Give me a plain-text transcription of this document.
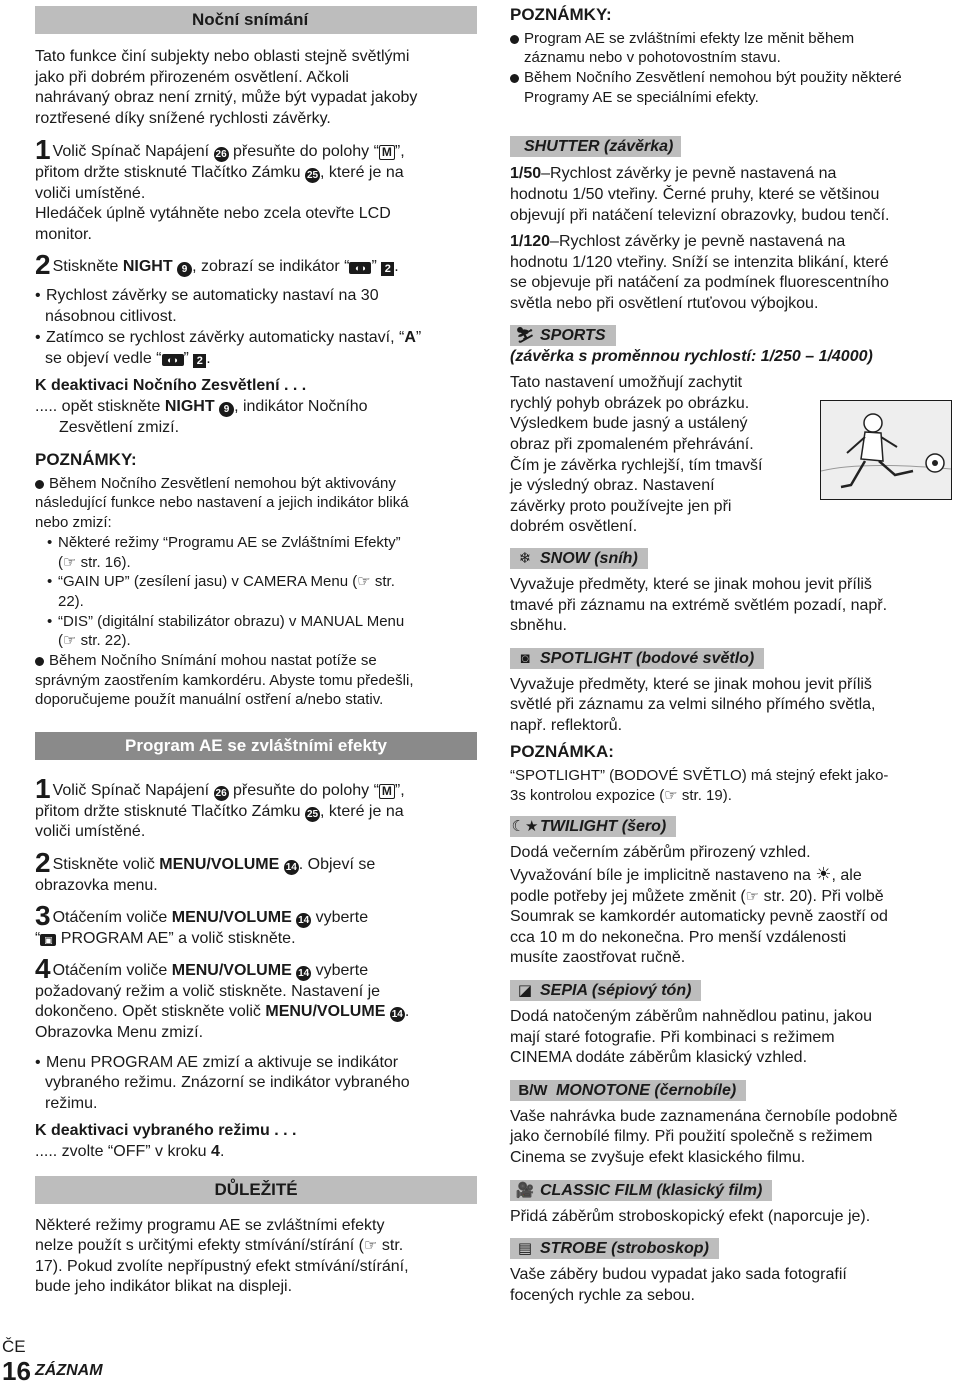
Noční snímání

Tato funkce činí subjekty nebo oblasti stejně světlými

jako při dobrém přirozeném osvětlení. Ačkoli

nahrávaný obraz není zrnitý, může být vypadat jakoby

roztřesené díky snížené rychlosti závěrky.

1 Volič Spínač Napájení 26 přesuňte do polohy “ M ”,

přitom držte stisknuté Tlačítko Zámku 25 , které je na

voliči umístěné.

Hledáček úplně vytáhněte nebo zcela otevřte LCD

monitor.

2 Stiskněte NIGHT 9 , zobrazí se indikátor “ ◐◑ ” 2 .

• Rychlost závěrky se automaticky nastaví na 30

násobnou citlivost.

• Zatímco se rychlost závěrky automaticky nastaví, “A”

se objeví vedle “ ◐◑ ” 2 .

K deaktivaci Nočního Zesvětlení . . .

..... opět stiskněte NIGHT 9 , indikátor Nočního

Zesvětlení zmizí.

POZNÁMKY:

Během Nočního Zesvětlení nemohou být aktivovány

následující funkce nebo nastavení a jejich indikátor bliká

nebo zmizí:

• Některé režimy “Programu AE se Zvláštními Efekty”

(☞ str. 16).

• “GAIN UP” (zesílení jasu) v CAMERA Menu (☞ str.

22).

• “DIS” (digitální stabilizátor obrazu) v MANUAL Menu

(☞ str. 22).

Během Nočního Snímání mohou nastat potíže se

správným zaostřením kamkordéru. Abyste tomu předešli,

doporučujeme použít manuální ostření a/nebo stativ.

Program AE se zvláštními efekty

1 Volič Spínač Napájení 26 přesuňte do polohy “ M ”,

přitom držte stisknuté Tlačítko Zámku 25 , které je na

voliči umístěné.

2 Stiskněte volič MENU/VOLUME 14 . Objeví se

obrazovka menu.

3 Otáčením voliče MENU/VOLUME 14 vyberte

“ ▣ PROGRAM AE” a volič stiskněte.

4 Otáčením voliče MENU/VOLUME 14 vyberte

požadovaný režim a volič stiskněte. Nastavení je

dokončeno. Opět stiskněte volič MENU/VOLUME 14 .

Obrazovka Menu zmizí.

• Menu PROGRAM AE zmizí a aktivuje se indikátor

vybraného režimu. Znázorní se indikátor vybraného

režimu.

K deaktivaci vybraného režimu . . .

..... zvolte “OFF” v kroku 4.

DŮLEŽITÉ

Některé režimy programu AE se zvláštními efekty

nelze použít s určitými efekty stmívání/stírání (☞ str.

17). Pokud zvolíte nepřípustný efekt stmívání/stírání,

bude jeho indikátor blikat na displeji.

POZNÁMKY:

Program AE se zvláštními efekty lze měnit během

záznamu nebo v pohotovostním stavu.

Během Nočního Zesvětlení nemohou být použity některé

Programy AE se speciálními efekty.

SHUTTER (závěrka)

1/50–Rychlost závěrky je pevně nastavená na

hodnotu 1/50 vteřiny. Černé pruhy, které se většinou

objevují při natáčení televizní obrazovky, budou tenčí.

1/120–Rychlost závěrky je pevně nastavená na

hodnotu 1/120 vteřiny. Sníží se intenzita blikání, které

se objevuje při natáčení za podmínek fluorescentního

světla nebo při osvětlení rtuťovou výbojkou.

⛷ SPORTS

(závěrka s proměnnou rychlostí: 1/250 – 1/4000)

Tato nastavení umožňují zachytit

rychlý pohyb obrázek po obrázku.

Výsledkem bude jasný a ustálený

obraz při zpomaleném přehrávání.

Čím je závěrka rychlejší, tím tmavší

je výsledný obraz. Nastavení

závěrky proto používejte jen při

dobrém osvětlení.

❄ SNOW (sníh)

Vyvažuje předměty, které se jinak mohou jevit příliš

tmavé při záznamu na extrémě světlém pozadí, např.

sbněhu.

◙ SPOTLIGHT (bodové světlo)

Vyvažuje předměty, které se jinak mohou jevit příliš

světlé při záznamu za velmi silného přímého světla,

např. reflektorů.

POZNÁMKA:

“SPOTLIGHT” (BODOVÉ SVĚTLO) má stejný efekt jako-

3s kontrolou expozice (☞ str. 19).

☾★TWILIGHT (šero)

Dodá večerním záběrům přirozený vzhled.

Vyvažování bíle je implicitně nastaveno na ☀, ale

podle potřeby jej můžete změnit (☞ str. 20). Při volbě

Soumrak se kamkordér automaticky pevně zaostří od

cca 10 m do nekonečna. Pro menší vzdálenosti

musíte zaostřovat ručně.

◪ SEPIA (sépiový tón)

Dodá natočeným záběrům nahnědlou patinu, jakou

mají staré fotografie. Při kombinaci s režimem

CINEMA dodáte záběrům klasický vzhled.

B/W MONOTONE (černobíle)

Vaše nahrávka bude zaznamenána černobíle podobně

jako černobílé filmy. Při použití společně s režimem

Cinema se zvyšuje efekt klasického filmu.

🎥 CLASSIC FILM (klasický film)

Přidá záběrům stroboskopický efekt (naporcuje je).

▤ STROBE (stroboskop)

Vaše záběry budou vypadat jako sada fotografií

focených rychle za sebou.

ČE
16 ZÁZNAM
